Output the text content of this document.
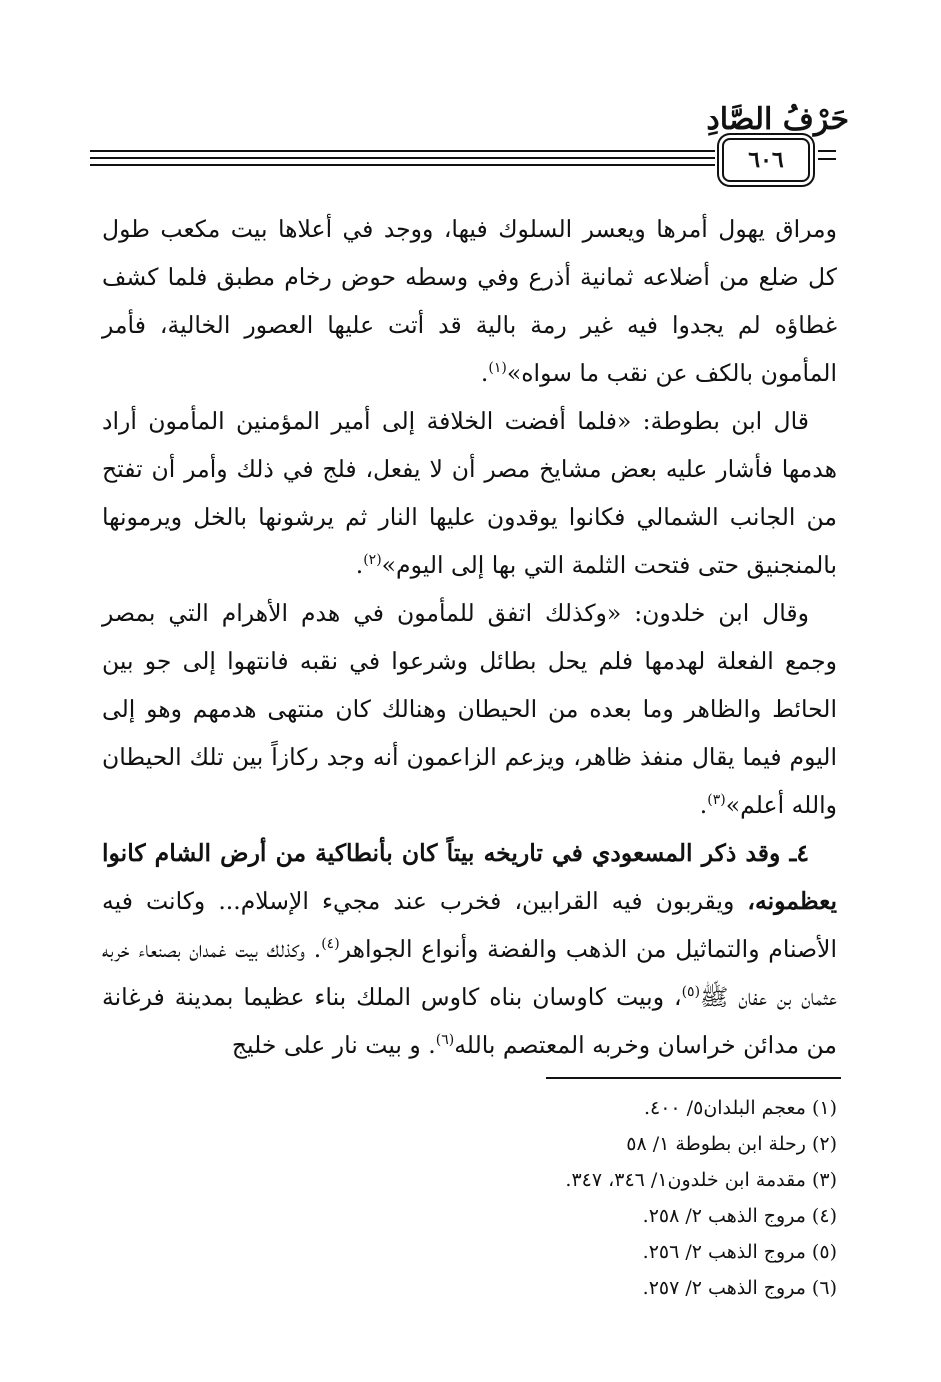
حَرْفُ الصَّادِ
٦٠٦

ومراق يهول أمرها ويعسر السلوك فيها، ووجد في أعلاها بيت مكعب طول كل ضلع من أضلاعه ثمانية أذرع وفي وسطه حوض رخام مطبق فلما كشف غطاؤه لم يجدوا فيه غير رمة بالية قد أتت عليها العصور الخالية، فأمر المأمون بالكف عن نقب ما سواه»$^{(١)}$.

قال ابن بطوطة: «فلما أفضت الخلافة إلى أمير المؤمنين المأمون أراد هدمها فأشار عليه بعض مشايخ مصر أن لا يفعل، فلج في ذلك وأمر أن تفتح من الجانب الشمالي فكانوا يوقدون عليها النار ثم يرشونها بالخل ويرمونها بالمنجنيق حتى فتحت الثلمة التي بها إلى اليوم»$^{(٢)}$.

وقال ابن خلدون: «وكذلك اتفق للمأمون في هدم الأهرام التي بمصر وجمع الفعلة لهدمها فلم يحل بطائل وشرعوا في نقبه فانتهوا إلى جو بين الحائط والظاهر وما بعده من الحيطان وهنالك كان منتهى هدمهم وهو إلى اليوم فيما يقال منفذ ظاهر، ويزعم الزاعمون أنه وجد ركازاً بين تلك الحيطان والله أعلم»$^{(٣)}$.

٤ـ وقد ذكر المسعودي في تاريخه بيتاً كان بأنطاكية من أرض الشام كانوا يعظمونه، ويقربون فيه القرابين، فخرب عند مجيء الإسلام... وكانت فيه الأصنام والتماثيل من الذهب والفضة وأنواع الجواهر$^{(٤)}$. وكذلك بيت غمدان بصنعاء خربه عثمان بن عفان ﷺ$^{(٥)}$، وبيت كاوسان بناه كاوس الملك بناء عظيما بمدينة فرغانة من مدائن خراسان وخربه المعتصم بالله$^{(٦)}$. و بيت نار على خليج

(١) معجم البلدان٥/ ٤٠٠.
(٢) رحلة ابن بطوطة ١/ ٥٨
(٣) مقدمة ابن خلدون١/ ٣٤٦، ٣٤٧.
(٤) مروج الذهب ٢/ ٢٥٨.
(٥) مروج الذهب ٢/ ٢٥٦.
(٦) مروج الذهب ٢/ ٢٥٧.
